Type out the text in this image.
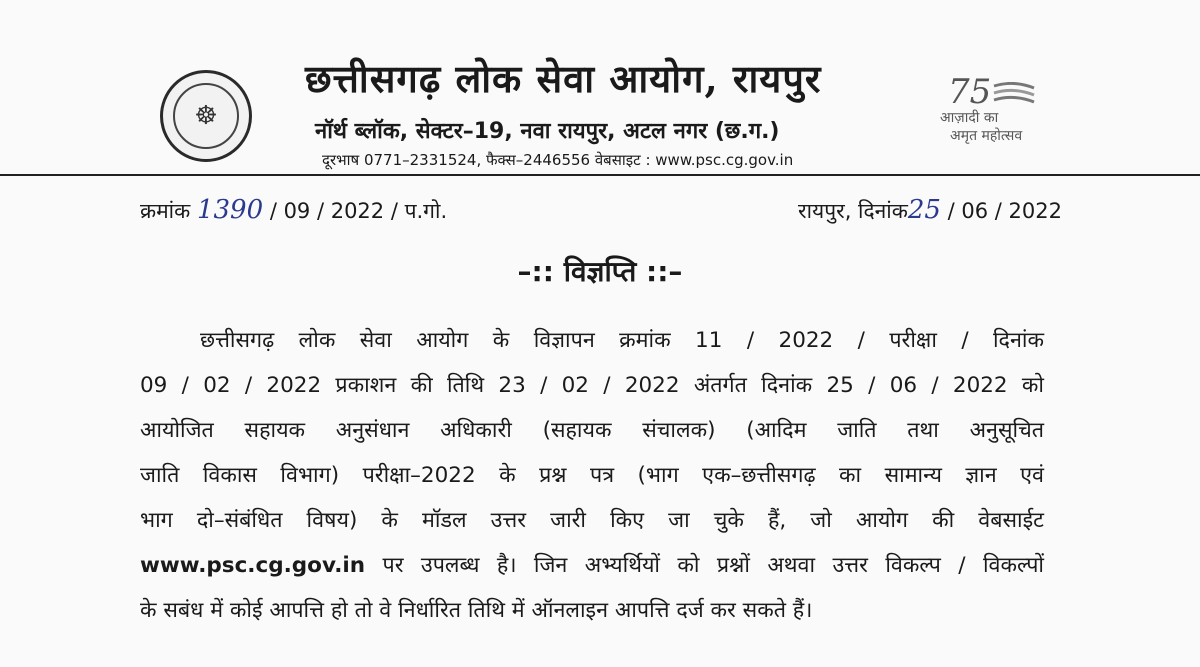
☸
छत्तीसगढ़ लोक सेवा आयोग, रायपुर
नॉर्थ ब्लॉक, सेक्टर–19, नवा रायपुर, अटल नगर (छ.ग.)
दूरभाष 0771–2331524, फैक्स–2446556 वेबसाइट : www.psc.cg.gov.in
75
आज़ादी का
अमृत महोत्सव
क्रमांक 1390 / 09 / 2022 / प.गो.	रायपुर, दिनांक25 / 06 / 2022
–:: विज्ञप्ति ::–
छत्तीसगढ़ लोक सेवा आयोग के विज्ञापन क्रमांक 11 / 2022 / परीक्षा / दिनांक
09 / 02 / 2022 प्रकाशन की तिथि 23 / 02 / 2022 अंतर्गत दिनांक 25 / 06 / 2022 को
आयोजित सहायक अनुसंधान अधिकारी (सहायक संचालक) (आदिम जाति तथा अनुसूचित
जाति विकास विभाग) परीक्षा–2022 के प्रश्न पत्र (भाग एक–छत्तीसगढ़ का सामान्य ज्ञान एवं
भाग दो–संबंधित विषय) के मॉडल उत्तर जारी किए जा चुके हैं, जो आयोग की वेबसाईट
www.psc.cg.gov.in पर उपलब्ध है। जिन अभ्यर्थियों को प्रश्नों अथवा उत्तर विकल्प / विकल्पों
के सबंध में कोई आपत्ति हो तो वे निर्धारित तिथि में ऑनलाइन आपत्ति दर्ज कर सकते हैं।
